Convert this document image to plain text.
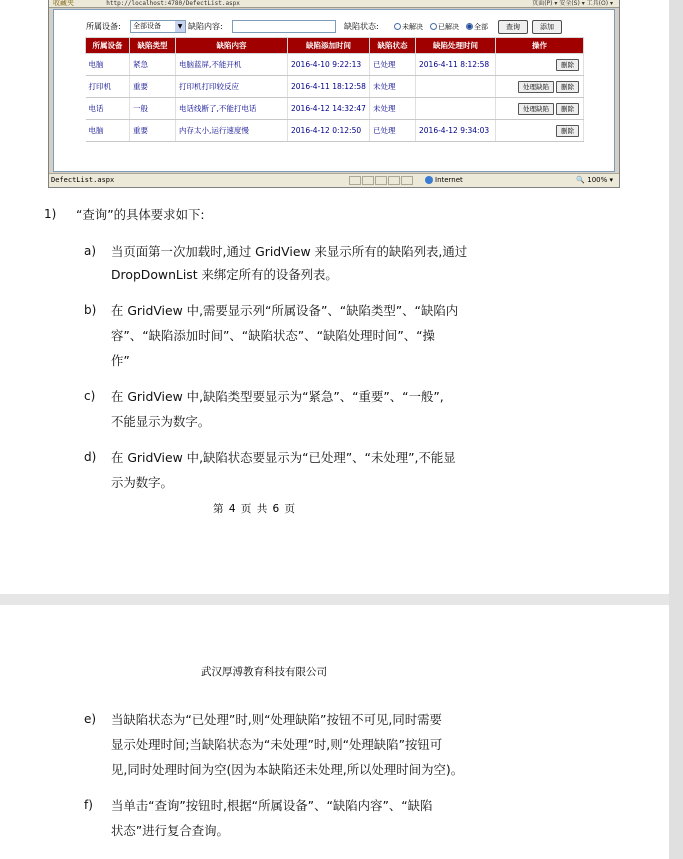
收藏夹	http://localhost:4780/DefectList.aspx	页面(P) ▾ 安全(S) ▾ 工具(O) ▾
所属设备:	全部设备	▼ 缺陷内容:	缺陷状态:	未解决	已解决	全部	查询	添加
所属设备	缺陷类型	缺陷内容	缺陷添加时间	缺陷状态	缺陷处理时间	操作
电脑	紧急	电脑蓝屏,不能开机	2016-4-10 9:22:13	已处理	2016-4-11 8:12:58	删除
打印机	重要	打印机打印较反应	2016-4-11 18:12:58	未处理		处理缺陷 删除
电话	一般	电话线断了,不能打电话	2016-4-12 14:32:47	未处理		处理缺陷 删除
电脑	重要	内存太小,运行速度慢	2016-4-12 0:12:50	已处理	2016-4-12 9:34:03	删除
DefectList.aspx	Internet	🔍 100% ▾
1) “查询”的具体要求如下:
a) 当页面第一次加载时,通过 GridView 来显示所有的缺陷列表,通过
DropDownList 来绑定所有的设备列表。
b) 在 GridView 中,需要显示列“所属设备”、“缺陷类型”、“缺陷内
容”、“缺陷添加时间”、“缺陷状态”、“缺陷处理时间”、“操
作”
c) 在 GridView 中,缺陷类型要显示为“紧急”、“重要”、“一般”,
不能显示为数字。
d) 在 GridView 中,缺陷状态要显示为“已处理”、“未处理”,不能显
示为数字。
第 4 页 共 6 页
武汉厚溥教育科技有限公司
e) 当缺陷状态为“已处理”时,则“处理缺陷”按钮不可见,同时需要
显示处理时间;当缺陷状态为“未处理”时,则“处理缺陷”按钮可
见,同时处理时间为空(因为本缺陷还未处理,所以处理时间为空)。
f) 当单击“查询”按钮时,根据“所属设备”、“缺陷内容”、“缺陷
状态”进行复合查询。
